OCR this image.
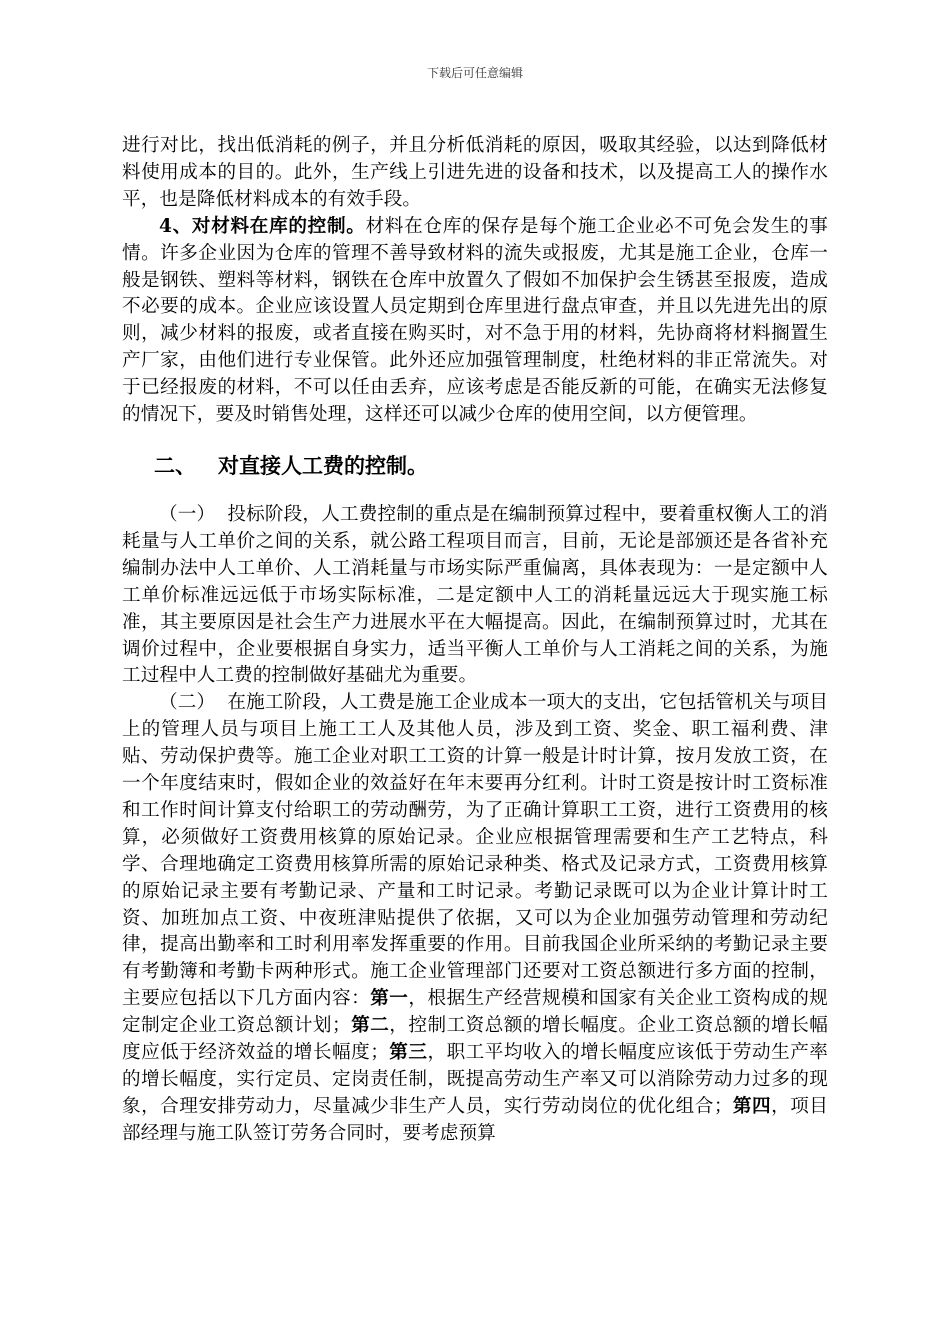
下载后可任意编辑

进行对比，找出低消耗的例子，并且分析低消耗的原因，吸取其经验，以达到降低材料使用成本的目的。此外，生产线上引进先进的设备和技术，以及提高工人的操作水平，也是降低材料成本的有效手段。

4、对材料在库的控制。材料在仓库的保存是每个施工企业必不可免会发生的事情。许多企业因为仓库的管理不善导致材料的流失或报废，尤其是施工企业，仓库一般是钢铁、塑料等材料，钢铁在仓库中放置久了假如不加保护会生锈甚至报废，造成不必要的成本。企业应该设置人员定期到仓库里进行盘点审查，并且以先进先出的原则，减少材料的报废，或者直接在购买时，对不急于用的材料，先协商将材料搁置生产厂家，由他们进行专业保管。此外还应加强管理制度，杜绝材料的非正常流失。对于已经报废的材料，不可以任由丢弃，应该考虑是否能反新的可能，在确实无法修复的情况下，要及时销售处理，这样还可以减少仓库的使用空间，以方便管理。

二、 对直接人工费的控制。

（一） 投标阶段，人工费控制的重点是在编制预算过程中，要着重权衡人工的消耗量与人工单价之间的关系，就公路工程项目而言，目前，无论是部颁还是各省补充编制办法中人工单价、人工消耗量与市场实际严重偏离，具体表现为：一是定额中人工单价标准远远低于市场实际标准，二是定额中人工的消耗量远远大于现实施工标准，其主要原因是社会生产力进展水平在大幅提高。因此，在编制预算过时，尤其在调价过程中，企业要根据自身实力，适当平衡人工单价与人工消耗之间的关系，为施工过程中人工费的控制做好基础尤为重要。

（二） 在施工阶段，人工费是施工企业成本一项大的支出，它包括管机关与项目上的管理人员与项目上施工工人及其他人员，涉及到工资、奖金、职工福利费、津贴、劳动保护费等。施工企业对职工工资的计算一般是计时计算，按月发放工资，在一个年度结束时，假如企业的效益好在年末要再分红利。计时工资是按计时工资标准和工作时间计算支付给职工的劳动酬劳，为了正确计算职工工资，进行工资费用的核算，必须做好工资费用核算的原始记录。企业应根据管理需要和生产工艺特点，科学、合理地确定工资费用核算所需的原始记录种类、格式及记录方式，工资费用核算的原始记录主要有考勤记录、产量和工时记录。考勤记录既可以为企业计算计时工资、加班加点工资、中夜班津贴提供了依据，又可以为企业加强劳动管理和劳动纪律，提高出勤率和工时利用率发挥重要的作用。目前我国企业所采纳的考勤记录主要有考勤簿和考勤卡两种形式。施工企业管理部门还要对工资总额进行多方面的控制，主要应包括以下几方面内容：第一，根据生产经营规模和国家有关企业工资构成的规定制定企业工资总额计划；第二，控制工资总额的增长幅度。企业工资总额的增长幅度应低于经济效益的增长幅度；第三，职工平均收入的增长幅度应该低于劳动生产率的增长幅度，实行定员、定岗责任制，既提高劳动生产率又可以消除劳动力过多的现象，合理安排劳动力，尽量减少非生产人员，实行劳动岗位的优化组合；第四，项目部经理与施工队签订劳务合同时，要考虑预算
